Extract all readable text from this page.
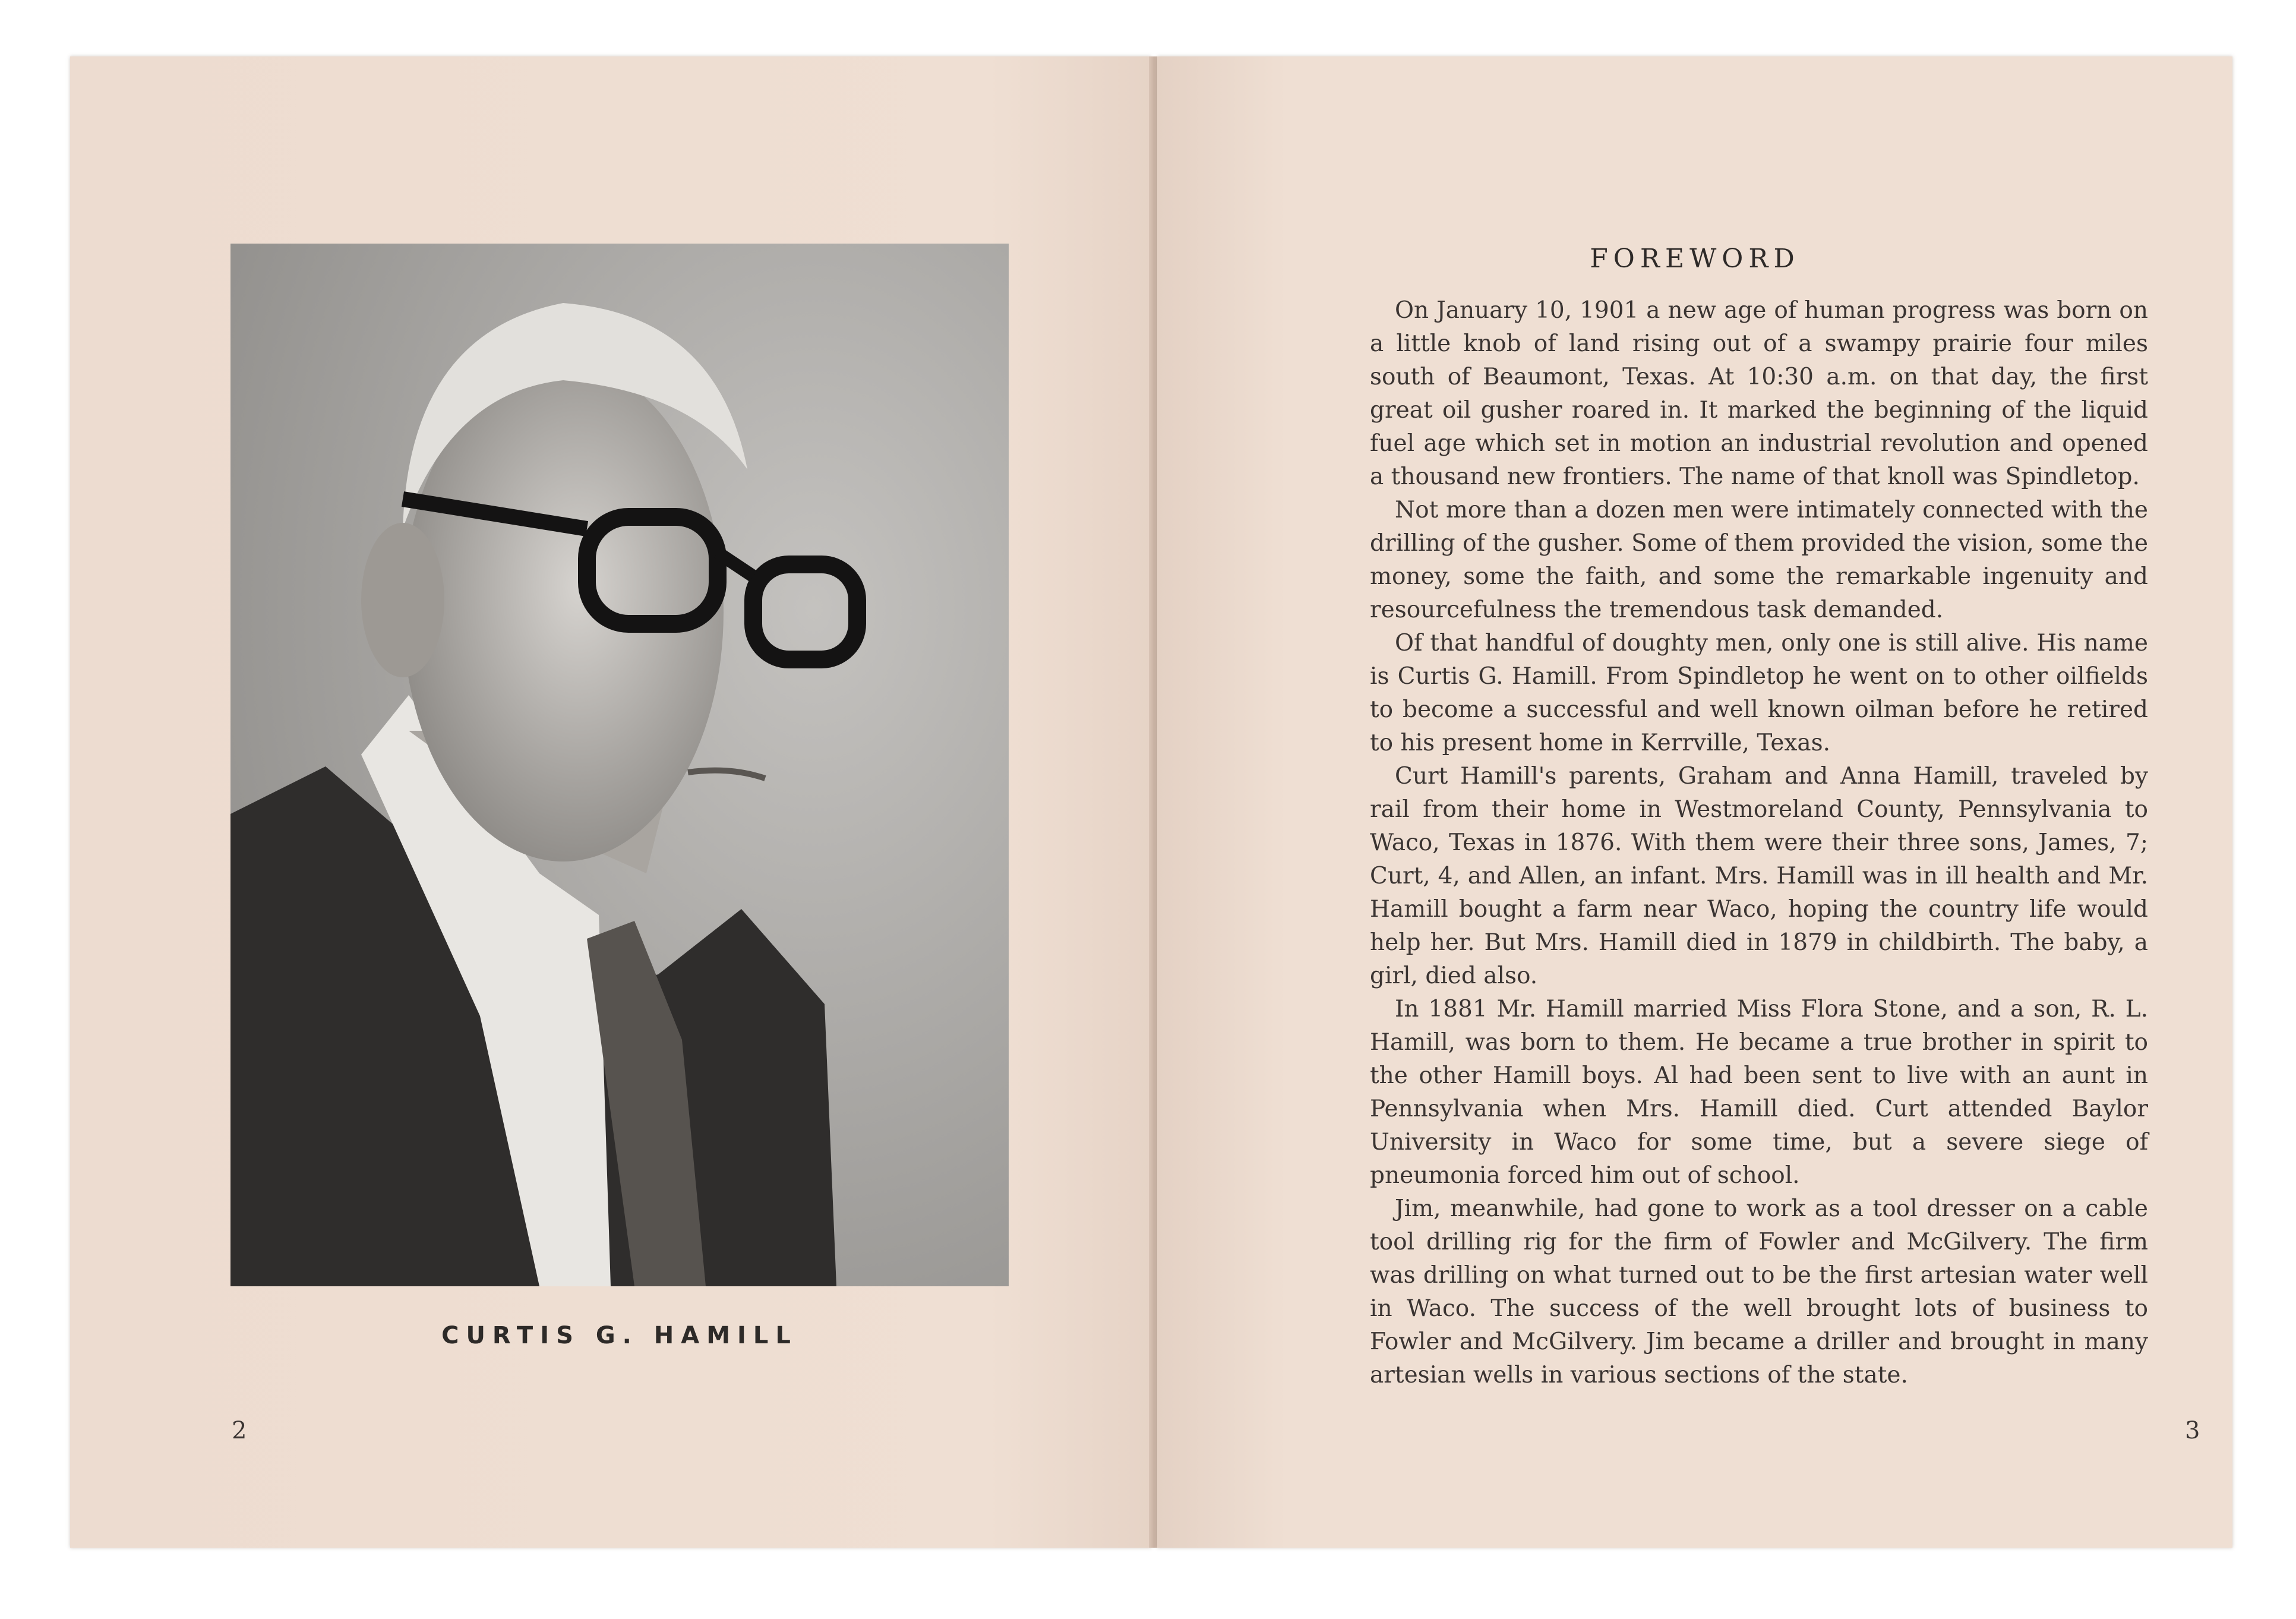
CURTIS G. HAMILL
2
FOREWORD

On January 10, 1901 a new age of human progress was born on a little knob of land rising out of a swampy prairie four miles south of Beaumont, Texas. At 10:30 a.m. on that day, the first great oil gusher roared in. It marked the beginning of the liquid fuel age which set in motion an industrial revolution and opened a thousand new frontiers. The name of that knoll was Spindletop.

Not more than a dozen men were intimately connected with the drilling of the gusher. Some of them provided the vision, some the money, some the faith, and some the remarkable ingenuity and resourcefulness the tremendous task demanded.

Of that handful of doughty men, only one is still alive. His name is Curtis G. Hamill. From Spindletop he went on to other oilfields to become a successful and well known oilman before he retired to his present home in Kerrville, Texas.

Curt Hamill's parents, Graham and Anna Hamill, traveled by rail from their home in Westmoreland County, Pennsylvania to Waco, Texas in 1876. With them were their three sons, James, 7; Curt, 4, and Allen, an infant. Mrs. Hamill was in ill health and Mr. Hamill bought a farm near Waco, hoping the country life would help her. But Mrs. Hamill died in 1879 in childbirth. The baby, a girl, died also.

In 1881 Mr. Hamill married Miss Flora Stone, and a son, R. L. Hamill, was born to them. He became a true brother in spirit to the other Hamill boys. Al had been sent to live with an aunt in Pennsylvania when Mrs. Hamill died. Curt attended Baylor University in Waco for some time, but a severe siege of pneumonia forced him out of school.

Jim, meanwhile, had gone to work as a tool dresser on a cable tool drilling rig for the firm of Fowler and McGilvery. The firm was drilling on what turned out to be the first artesian water well in Waco. The success of the well brought lots of business to Fowler and McGilvery. Jim became a driller and brought in many artesian wells in various sections of the state.

3
